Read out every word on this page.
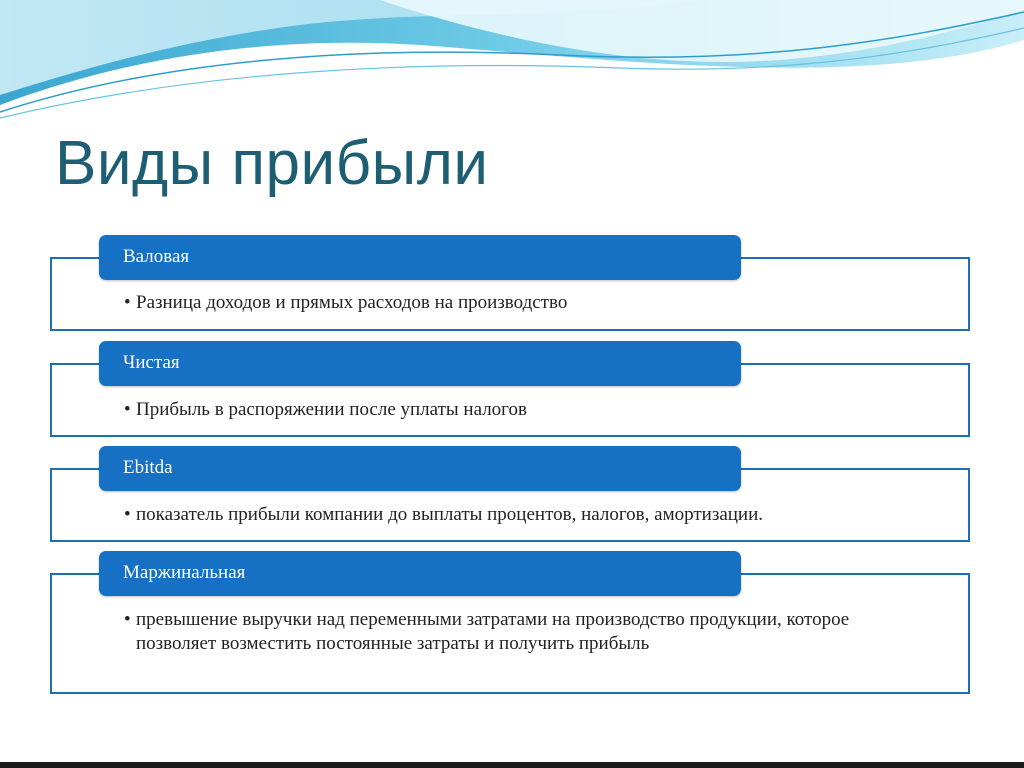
Виды прибыли
Валовая
• Разница доходов и прямых расходов на производство
Чистая
• Прибыль в распоряжении после уплаты налогов
Ebitda
• показатель прибыли компании до выплаты процентов, налогов, амортизации.
Маржинальная
• превышение выручки над переменными затратами на производство продукции, которое позволяет возместить постоянные затраты и получить прибыль
